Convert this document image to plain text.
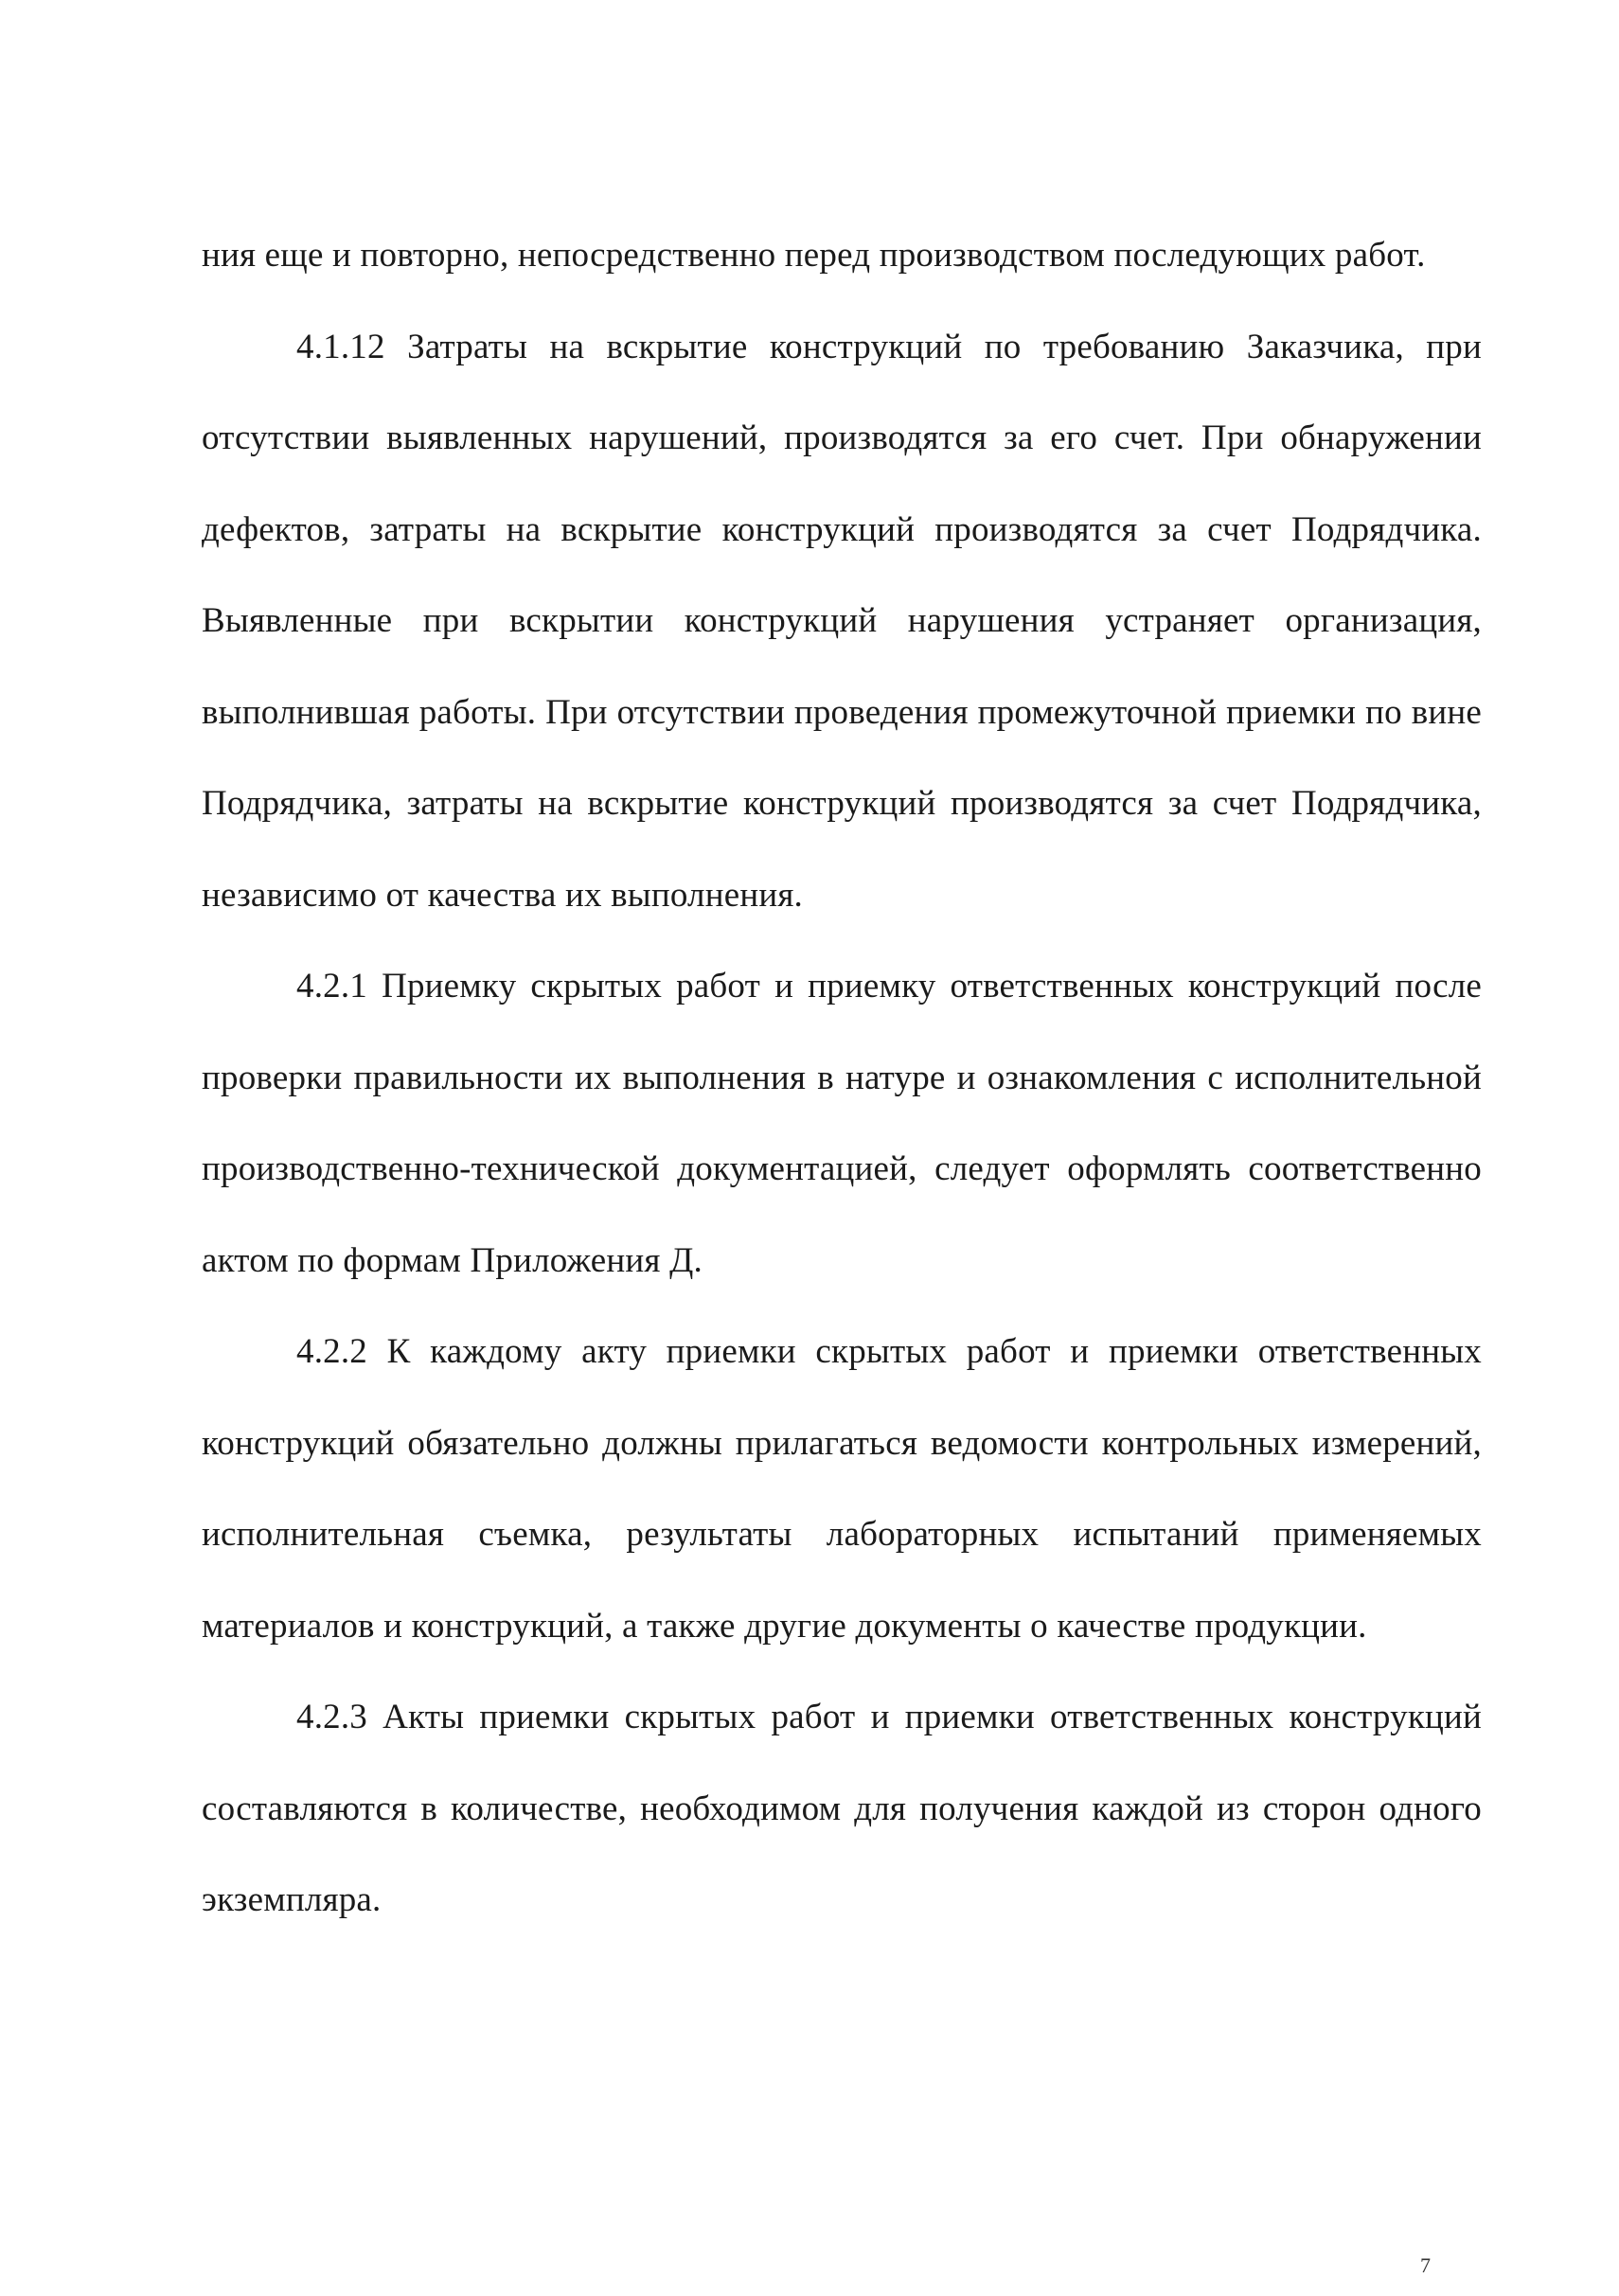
ния еще и повторно, непосредственно перед производством последующих работ.

4.1.12 Затраты на вскрытие конструкций по требованию Заказчика, при отсутствии выявленных нарушений, производятся за его счет. При обнаружении дефектов, затраты на вскрытие конструкций производятся за счет Подрядчика. Выявленные при вскрытии конструкций нарушения устраняет организация, выполнившая работы. При отсутствии проведения промежуточной приемки по вине Подрядчика, затраты на вскрытие конструкций производятся за счет Подрядчика, независимо от качества их выполнения.

4.2.1 Приемку скрытых работ и приемку ответственных конструкций после проверки правильности их выполнения в натуре и ознакомления с исполнительной производственно-технической документацией, следует оформлять соответственно актом по формам Приложения Д.

4.2.2 К каждому акту приемки скрытых работ и приемки ответственных конструкций обязательно должны прилагаться ведомости контрольных измерений, исполнительная съемка, результаты лабораторных испытаний применяемых материалов и конструкций, а также другие документы о качестве продукции.

4.2.3 Акты приемки скрытых работ и приемки ответственных конструкций составляются в количестве, необходимом для получения каждой из сторон одного экземпляра.

7
